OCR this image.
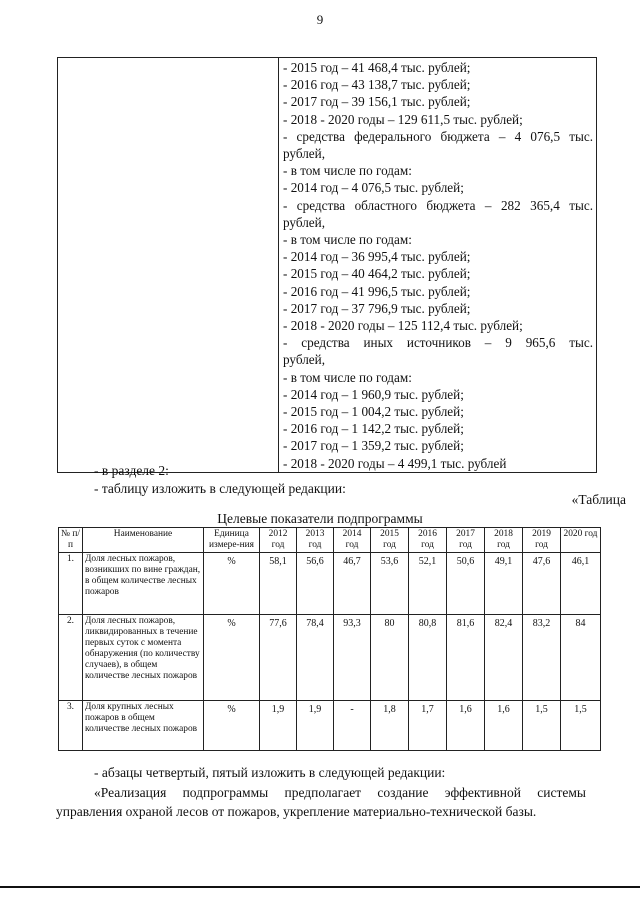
9

- 2015 год – 41 468,4 тыс. рублей;
- 2016 год – 43 138,7 тыс. рублей;
- 2017 год – 39 156,1 тыс. рублей;
- 2018 - 2020 годы – 129 611,5 тыс. рублей;
- средства федерального бюджета – 4 076,5 тыс.
рублей,
- в том числе по годам:
- 2014 год – 4 076,5 тыс. рублей;
- средства областного бюджета – 282 365,4 тыс.
рублей,
- в том числе по годам:
- 2014 год – 36 995,4 тыс. рублей;
- 2015 год – 40 464,2 тыс. рублей;
- 2016 год – 41 996,5 тыс. рублей;
- 2017 год – 37 796,9 тыс. рублей;
- 2018 - 2020 годы – 125 112,4 тыс. рублей;
- средства иных источников – 9 965,6 тыс.
рублей,
- в том числе по годам:
- 2014 год – 1 960,9 тыс. рублей;
- 2015 год – 1 004,2 тыс. рублей;
- 2016 год – 1 142,2 тыс. рублей;
- 2017 год – 1 359,2 тыс. рублей;
- 2018 - 2020 годы – 4 499,1 тыс. рублей
- в разделе 2:
- таблицу изложить в следующей редакции:
«Таблица
Целевые показатели подпрограммы
№ п/п	Наименование	Единица измере-ния	2012 год	2013 год	2014 год	2015 год	2016 год	2017 год	2018 год	2019 год	2020 год
1.	Доля лесных пожаров, возникших по вине граждан, в общем количестве лесных пожаров	%	58,1	56,6	46,7	53,6	52,1	50,6	49,1	47,6	46,1
2.	Доля лесных пожаров, ликвидированных в течение первых суток с момента обнаружения (по количеству случаев), в общем количестве лесных пожаров	%	77,6	78,4	93,3	80	80,8	81,6	82,4	83,2	84
3.	Доля крупных лесных пожаров в общем количестве лесных пожаров	%	1,9	1,9	-	1,8	1,7	1,6	1,6	1,5	1,5
- абзацы четвертый, пятый изложить в следующей редакции:
«Реализация подпрограммы предполагает создание эффективной системы управления охраной лесов от пожаров, укрепление материально-технической базы.
